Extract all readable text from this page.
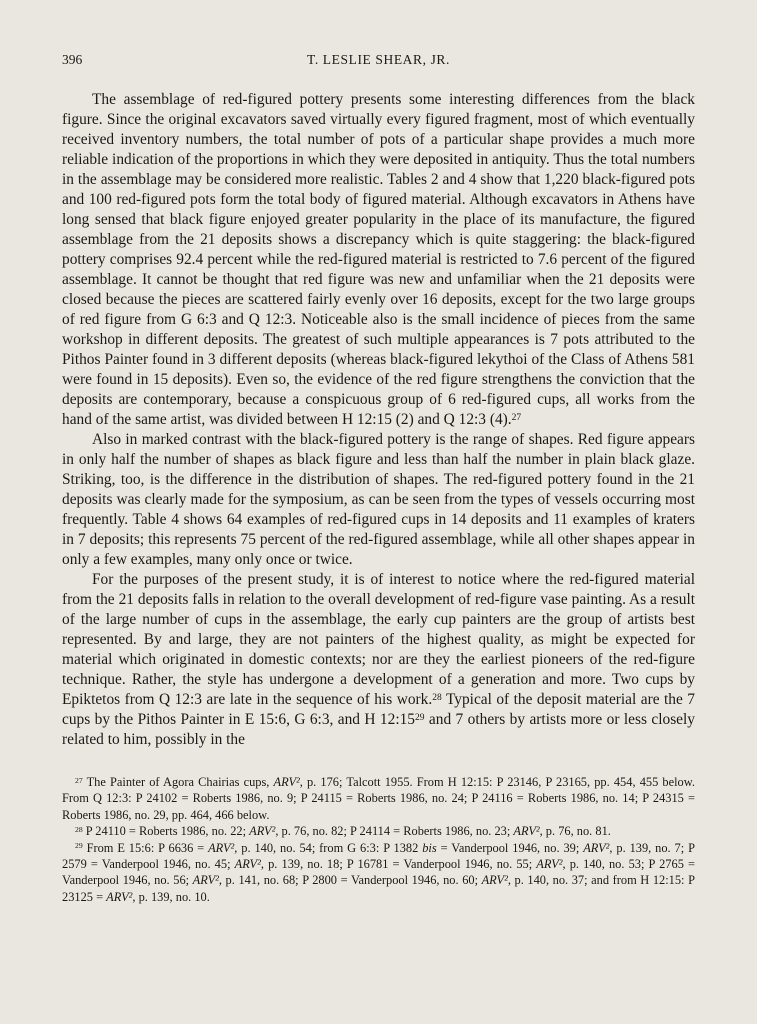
396	T. LESLIE SHEAR, JR.

The assemblage of red-figured pottery presents some interesting differences from the black figure. Since the original excavators saved virtually every figured fragment, most of which eventually received inventory numbers, the total number of pots of a particular shape provides a much more reliable indication of the proportions in which they were deposited in antiquity. Thus the total numbers in the assemblage may be considered more realistic. Tables 2 and 4 show that 1,220 black-figured pots and 100 red-figured pots form the total body of figured material. Although excavators in Athens have long sensed that black figure enjoyed greater popularity in the place of its manufacture, the figured assemblage from the 21 deposits shows a discrepancy which is quite staggering: the black-figured pottery comprises 92.4 percent while the red-figured material is restricted to 7.6 percent of the figured assemblage. It cannot be thought that red figure was new and unfamiliar when the 21 deposits were closed because the pieces are scattered fairly evenly over 16 deposits, except for the two large groups of red figure from G 6:3 and Q 12:3. Noticeable also is the small incidence of pieces from the same workshop in different deposits. The greatest of such multiple appearances is 7 pots attributed to the Pithos Painter found in 3 different deposits (whereas black-figured lekythoi of the Class of Athens 581 were found in 15 deposits). Even so, the evidence of the red figure strengthens the conviction that the deposits are contemporary, because a conspicuous group of 6 red-figured cups, all works from the hand of the same artist, was divided between H 12:15 (2) and Q 12:3 (4).$^{27}$

Also in marked contrast with the black-figured pottery is the range of shapes. Red figure appears in only half the number of shapes as black figure and less than half the number in plain black glaze. Striking, too, is the difference in the distribution of shapes. The red-figured pottery found in the 21 deposits was clearly made for the symposium, as can be seen from the types of vessels occurring most frequently. Table 4 shows 64 examples of red-figured cups in 14 deposits and 11 examples of kraters in 7 deposits; this represents 75 percent of the red-figured assemblage, while all other shapes appear in only a few examples, many only once or twice.

For the purposes of the present study, it is of interest to notice where the red-figured material from the 21 deposits falls in relation to the overall development of red-figure vase painting. As a result of the large number of cups in the assemblage, the early cup painters are the group of artists best represented. By and large, they are not painters of the highest quality, as might be expected for material which originated in domestic contexts; nor are they the earliest pioneers of the red-figure technique. Rather, the style has undergone a development of a generation and more. Two cups by Epiktetos from Q 12:3 are late in the sequence of his work.$^{28}$ Typical of the deposit material are the 7 cups by the Pithos Painter in E 15:6, G 6:3, and H $12:15^{29}$ and 7 others by artists more or less closely related to him, possibly in the

$^{27}$ The Painter of Agora Chairias cups, ARV², p. 176; Talcott 1955. From H 12:15: P 23146, P 23165, pp. 454, 455 below. From Q 12:3: P 24102 = Roberts 1986, no. 9; P 24115 = Roberts 1986, no. 24; P 24116 = Roberts 1986, no. 14; P 24315 = Roberts 1986, no. 29, pp. 464, 466 below.

$^{28}$ P 24110 = Roberts 1986, no. 22; ARV², p. 76, no. 82; P 24114 = Roberts 1986, no. 23; ARV², p. 76, no. 81.

$^{29}$ From E 15:6: P 6636 = ARV², p. 140, no. 54; from G 6:3: P 1382 bis = Vanderpool 1946, no. 39; ARV², p. 139, no. 7; P 2579 = Vanderpool 1946, no. 45; ARV², p. 139, no. 18; P 16781 = Vanderpool 1946, no. 55; ARV², p. 140, no. 53; P 2765 = Vanderpool 1946, no. 56; ARV², p. 141, no. 68; P 2800 = Vanderpool 1946, no. 60; ARV², p. 140, no. 37; and from H 12:15: P 23125 = ARV², p. 139, no. 10.
